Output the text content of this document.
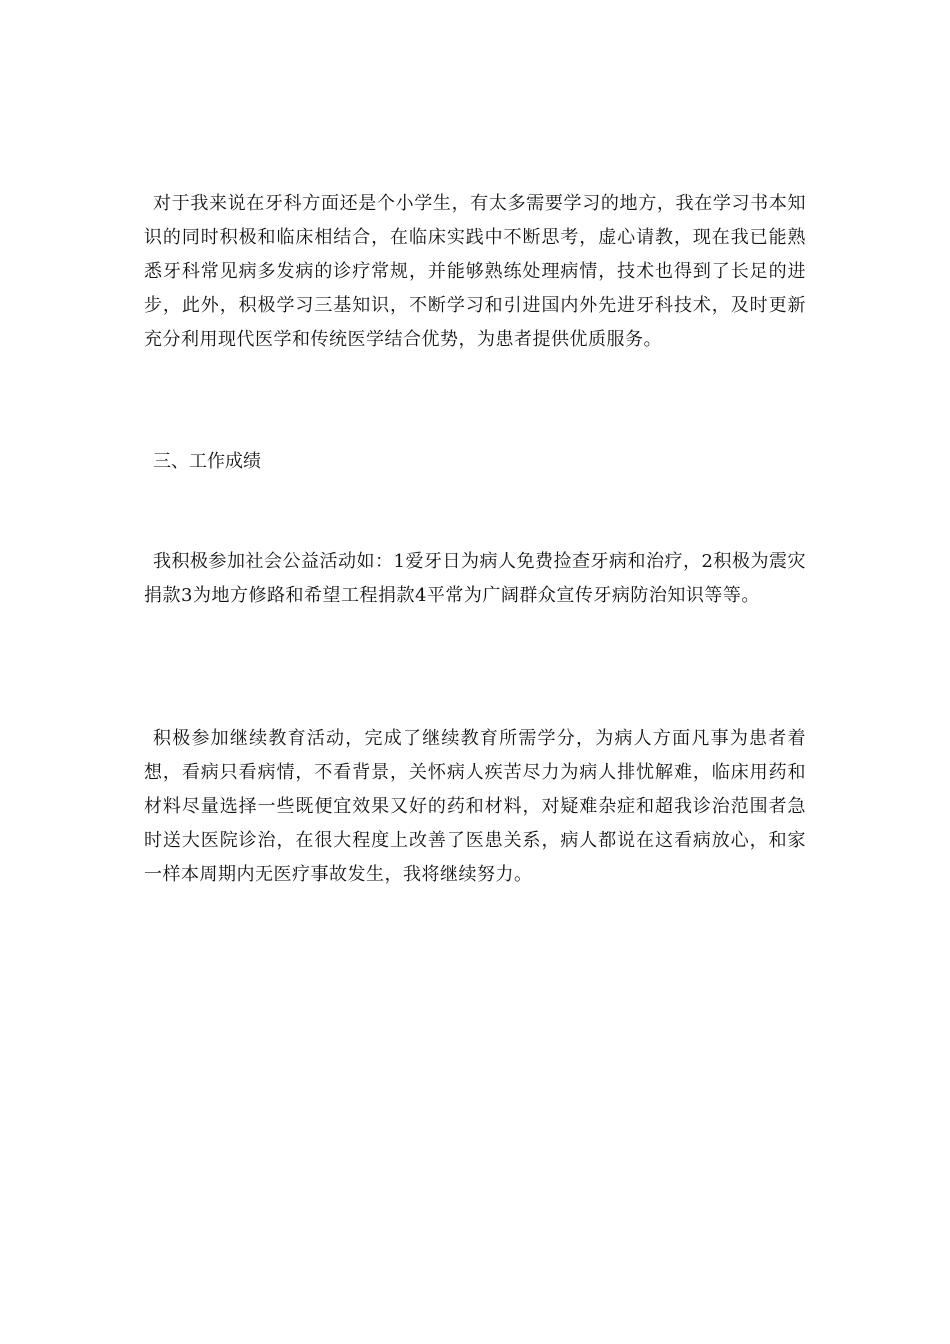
对于我来说在牙科方面还是个小学生，有太多需要学习的地方，我在学习书本知识的同时积极和临床相结合，在临床实践中不断思考，虚心请教，现在我已能熟悉牙科常见病多发病的诊疗常规，并能够熟练处理病情，技术也得到了长足的进步，此外，积极学习三基知识，不断学习和引进国内外先进牙科技术，及时更新充分利用现代医学和传统医学结合优势，为患者提供优质服务。

三、工作成绩

我积极参加社会公益活动如：1爱牙日为病人免费捡查牙病和治疗，2积极为震灾捐款3为地方修路和希望工程捐款4平常为广阔群众宣传牙病防治知识等等。

积极参加继续教育活动，完成了继续教育所需学分，为病人方面凡事为患者着想，看病只看病情，不看背景，关怀病人疾苦尽力为病人排忧解难，临床用药和材料尽量选择一些既便宜效果又好的药和材料，对疑难杂症和超我诊治范围者急时送大医院诊治，在很大程度上改善了医患关系，病人都说在这看病放心，和家一样本周期内无医疗事故发生，我将继续努力。
